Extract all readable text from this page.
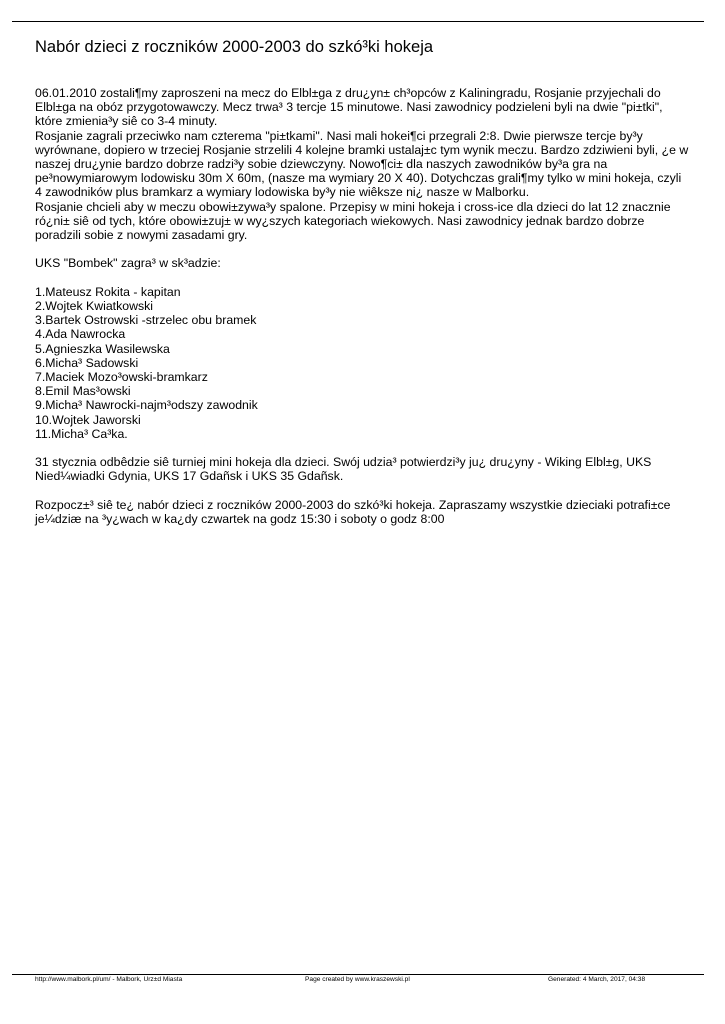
Nabór dzieci z roczników 2000-2003 do szkó³ki hokeja

06.01.2010 zostali¶my zaproszeni na mecz do Elbl±ga z dru¿yn± ch³opców z Kaliningradu, Rosjanie przyjechali do Elbl±ga na obóz przygotowawczy. Mecz trwa³ 3 tercje 15 minutowe. Nasi zawodnicy podzieleni byli na dwie "pi±tki", które zmienia³y siê co 3-4 minuty.

Rosjanie zagrali przeciwko nam czterema "pi±tkami". Nasi mali hokei¶ci przegrali 2:8. Dwie pierwsze tercje by³y wyrównane, dopiero w trzeciej Rosjanie strzelili 4 kolejne bramki ustalaj±c tym wynik meczu. Bardzo zdziwieni byli, ¿e w naszej dru¿ynie bardzo dobrze radzi³y sobie dziewczyny. Nowo¶ci± dla naszych zawodników by³a gra na pe³nowymiarowym lodowisku 30m X 60m, (nasze ma wymiary 20 X 40). Dotychczas grali¶my tylko w mini hokeja, czyli 4 zawodników plus bramkarz a wymiary lodowiska by³y nie wiêksze ni¿ nasze w Malborku.

Rosjanie chcieli aby w meczu obowi±zywa³y spalone. Przepisy w mini hokeja i cross-ice dla dzieci do lat 12 znacznie ró¿ni± siê od tych, które obowi±zuj± w wy¿szych kategoriach wiekowych. Nasi zawodnicy jednak bardzo dobrze poradzili sobie z nowymi zasadami gry.

UKS "Bombek" zagra³ w sk³adzie:

1.Mateusz Rokita - kapitan
2.Wojtek Kwiatkowski
3.Bartek Ostrowski -strzelec obu bramek
4.Ada Nawrocka
5.Agnieszka Wasilewska
6.Micha³ Sadowski
7.Maciek Mozo³owski-bramkarz
8.Emil Mas³owski
9.Micha³ Nawrocki-najm³odszy zawodnik
10.Wojtek Jaworski
11.Micha³ Ca³ka.

31 stycznia odbêdzie siê turniej mini hokeja dla dzieci. Swój udzia³ potwierdzi³y ju¿ dru¿yny - Wiking Elbl±g, UKS Nied¼wiadki Gdynia, UKS 17 Gdañsk i UKS 35 Gdañsk.

Rozpocz±³ siê te¿ nabór dzieci z roczników 2000-2003 do szkó³ki hokeja. Zapraszamy wszystkie dzieciaki potrafi±ce je¼dziæ na ³y¿wach w ka¿dy czwartek na godz 15:30 i soboty o godz 8:00

http://www.malbork.pl/um/ - Malbork, Urz±d Miasta	Page created by www.kraszewski.pl	Generated: 4 March, 2017, 04:38
